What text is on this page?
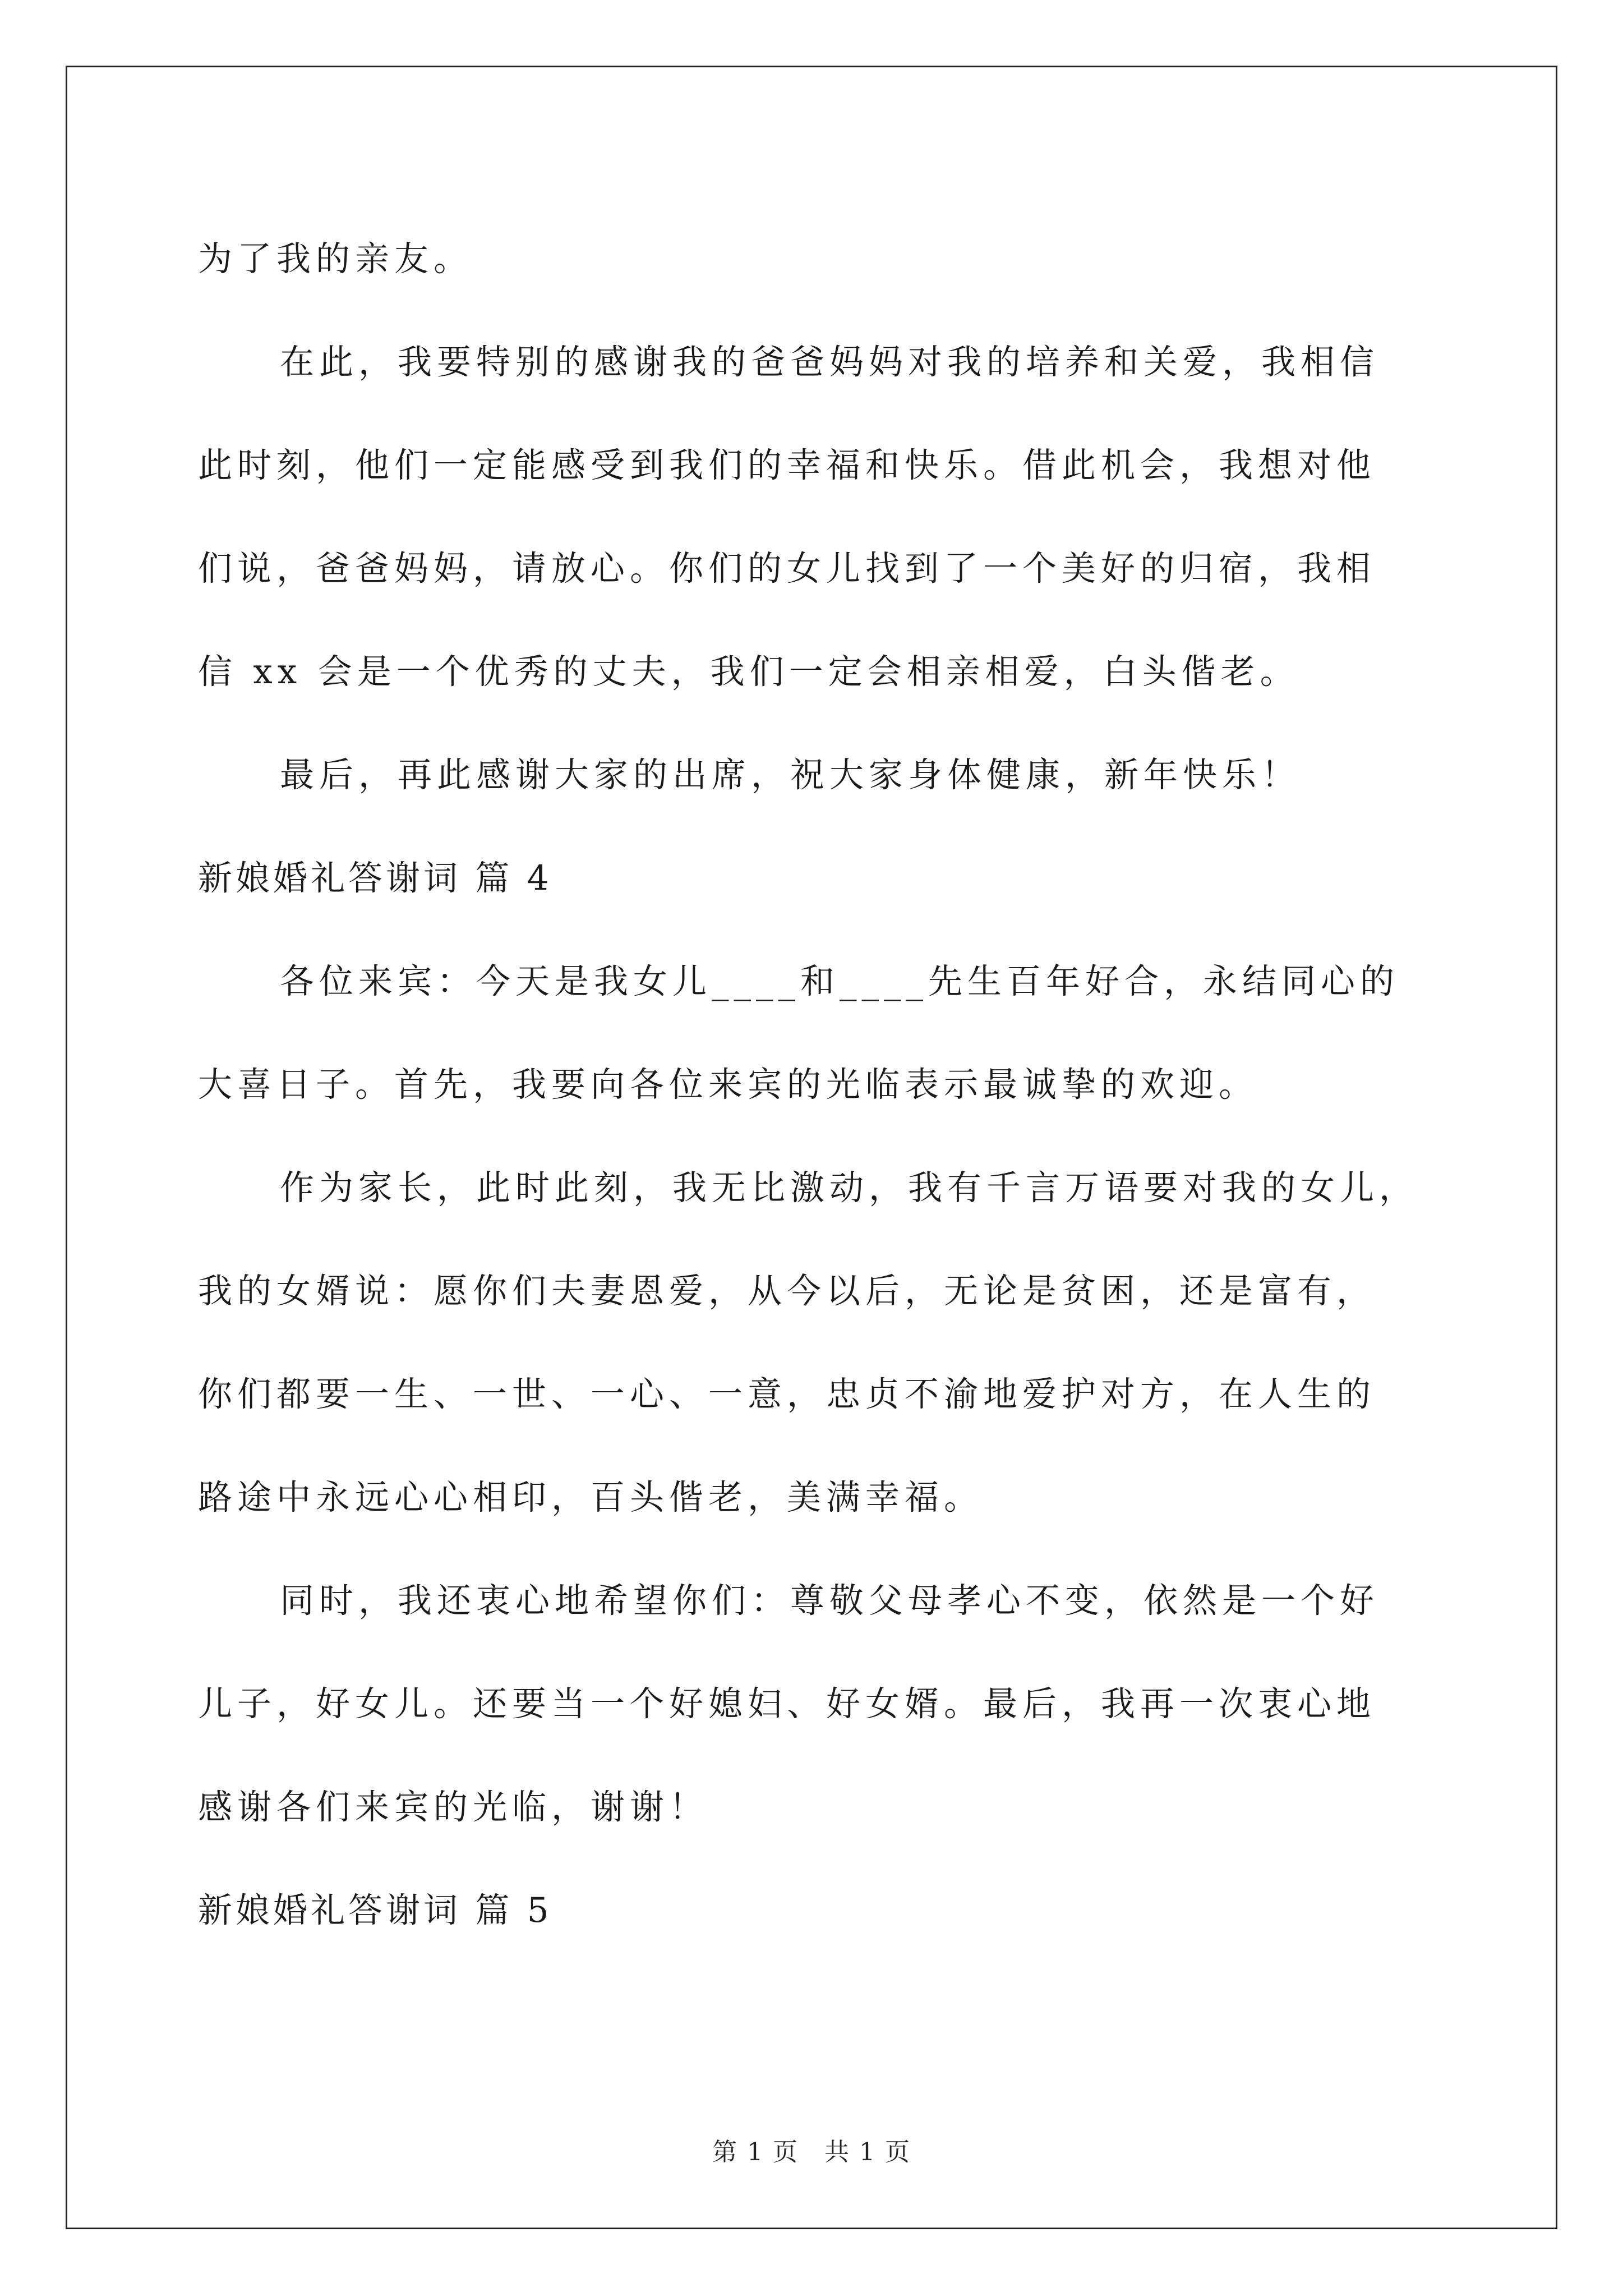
为了我的亲友。
在此，我要特别的感谢我的爸爸妈妈对我的培养和关爱，我相信
此时刻，他们一定能感受到我们的幸福和快乐。借此机会，我想对他
们说，爸爸妈妈，请放心。你们的女儿找到了一个美好的归宿，我相
信 xx 会是一个优秀的丈夫，我们一定会相亲相爱，白头偕老。
最后，再此感谢大家的出席，祝大家身体健康，新年快乐！
新娘婚礼答谢词 篇 4
各位来宾：今天是我女儿____和____先生百年好合，永结同心的
大喜日子。首先，我要向各位来宾的光临表示最诚挚的欢迎。
作为家长，此时此刻，我无比激动，我有千言万语要对我的女儿，
我的女婿说：愿你们夫妻恩爱，从今以后，无论是贫困，还是富有，
你们都要一生、一世、一心、一意，忠贞不渝地爱护对方，在人生的
路途中永远心心相印，百头偕老，美满幸福。
同时，我还衷心地希望你们：尊敬父母孝心不变，依然是一个好
儿子，好女儿。还要当一个好媳妇、好女婿。最后，我再一次衷心地
感谢各们来宾的光临，谢谢！
新娘婚礼答谢词 篇 5
第 1 页　共 1 页
